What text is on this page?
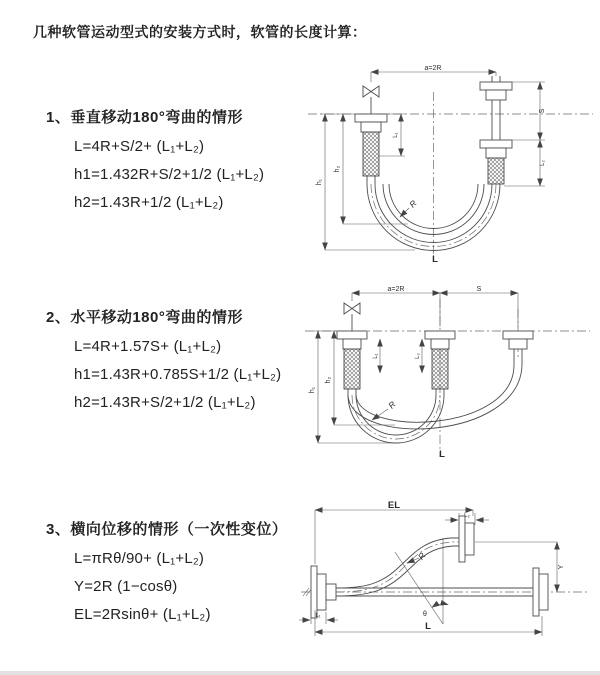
几种软管运动型式的安装方式时，软管的长度计算：
1、垂直移动180°弯曲的情形
L=4R+S/2+ (L₁+L₂)
h1=1.432R+S/2+1/2 (L₁+L₂)
h2=1.43R+1/2 (L₁+L₂)
2、水平移动180°弯曲的情形
L=4R+1.57S+ (L₁+L₂)
h1=1.43R+0.785S+1/2 (L₁+L₂)
h2=1.43R+S/2+1/2 (L₁+L₂)
3、横向位移的情形（一次性变位）
L=πRθ/90+ (L₁+L₂)
Y=2R (1−cosθ)
EL=2Rsinθ+ (L₁+L₂)
a=2R
S
L₂
L₁
h₂
h₁
R
L
a=2R	S
L₁	L₂
h₂
h₁
R
L
θ
R
EL
L₂
Y
L
L₁
